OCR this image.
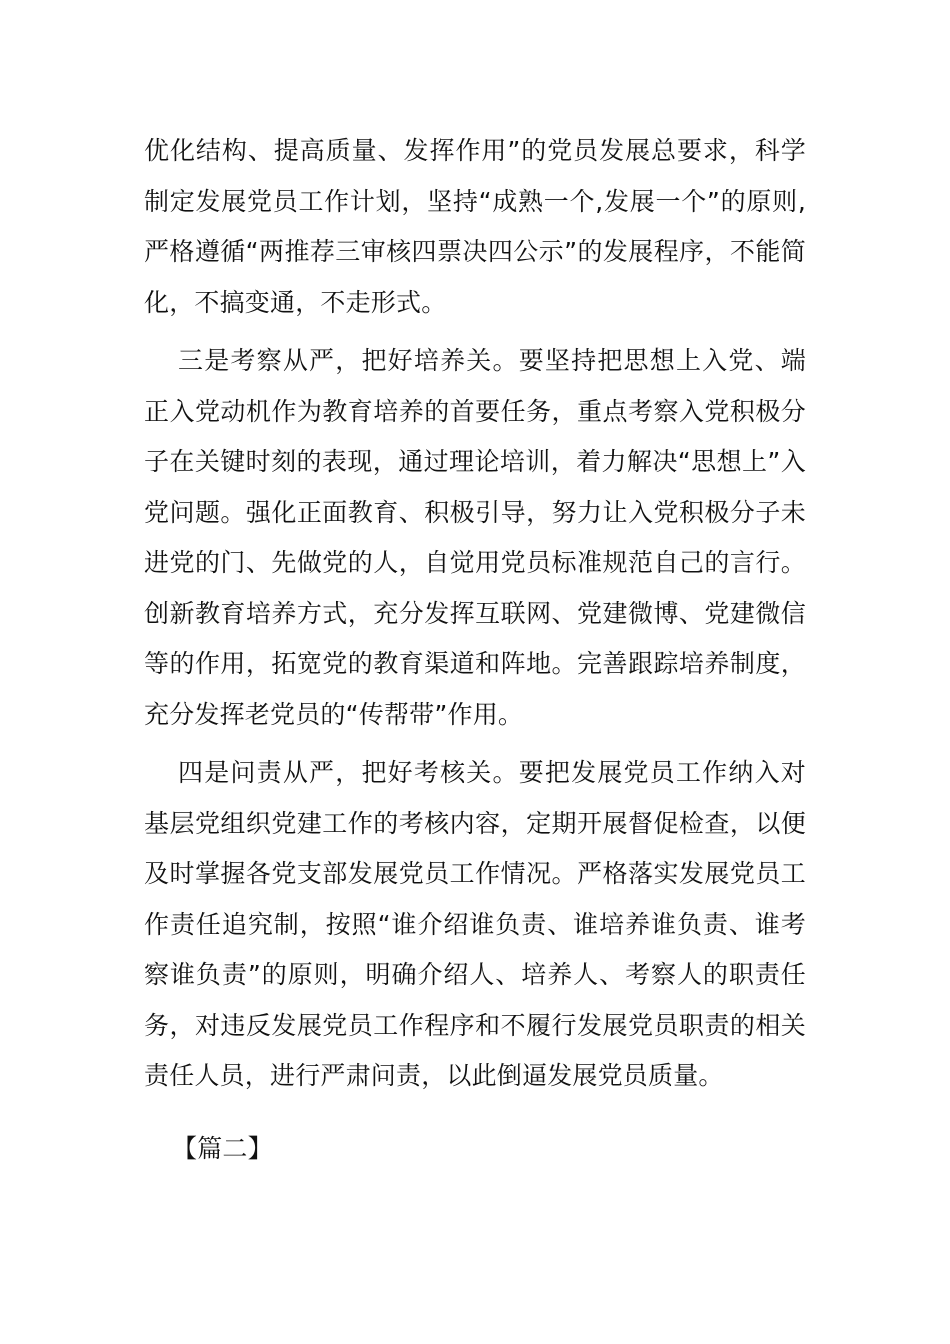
优化结构、提高质量、发挥作用”的党员发展总要求，科学制定发展党员工作计划，坚持“成熟一个,发展一个”的原则,严格遵循“两推荐三审核四票决四公示”的发展程序，不能简化，不搞变通，不走形式。

三是考察从严，把好培养关。要坚持把思想上入党、端正入党动机作为教育培养的首要任务，重点考察入党积极分子在关键时刻的表现，通过理论培训，着力解决“思想上”入党问题。强化正面教育、积极引导，努力让入党积极分子未进党的门、先做党的人，自觉用党员标准规范自己的言行。创新教育培养方式，充分发挥互联网、党建微博、党建微信等的作用，拓宽党的教育渠道和阵地。完善跟踪培养制度，充分发挥老党员的“传帮带”作用。

四是问责从严，把好考核关。要把发展党员工作纳入对基层党组织党建工作的考核内容，定期开展督促检查，以便及时掌握各党支部发展党员工作情况。严格落实发展党员工作责任追究制，按照“谁介绍谁负责、谁培养谁负责、谁考察谁负责”的原则，明确介绍人、培养人、考察人的职责任务，对违反发展党员工作程序和不履行发展党员职责的相关责任人员，进行严肃问责，以此倒逼发展党员质量。

【篇二】
